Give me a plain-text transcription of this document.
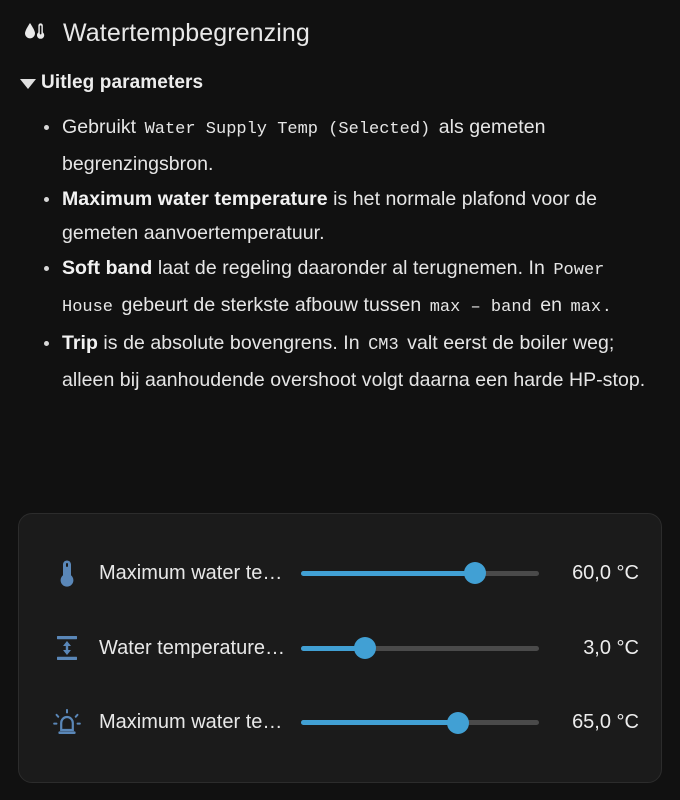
Watertempbegrenzing
Uitleg parameters
Gebruikt Water Supply Temp (Selected) als gemeten begrenzingsbron.
Maximum water temperature is het normale plafond voor de gemeten aanvoertemperatuur.
Soft band laat de regeling daaronder al terugnemen. In Power House gebeurt de sterkste afbouw tussen max – band en max .
Trip is de absolute bovengrens. In CM3 valt eerst de boiler weg; alleen bij aanhoudende overshoot volgt daarna een harde HP-stop.
Maximum water te…	60,0 °C
Water temperature…	3,0 °C
Maximum water te…	65,0 °C
